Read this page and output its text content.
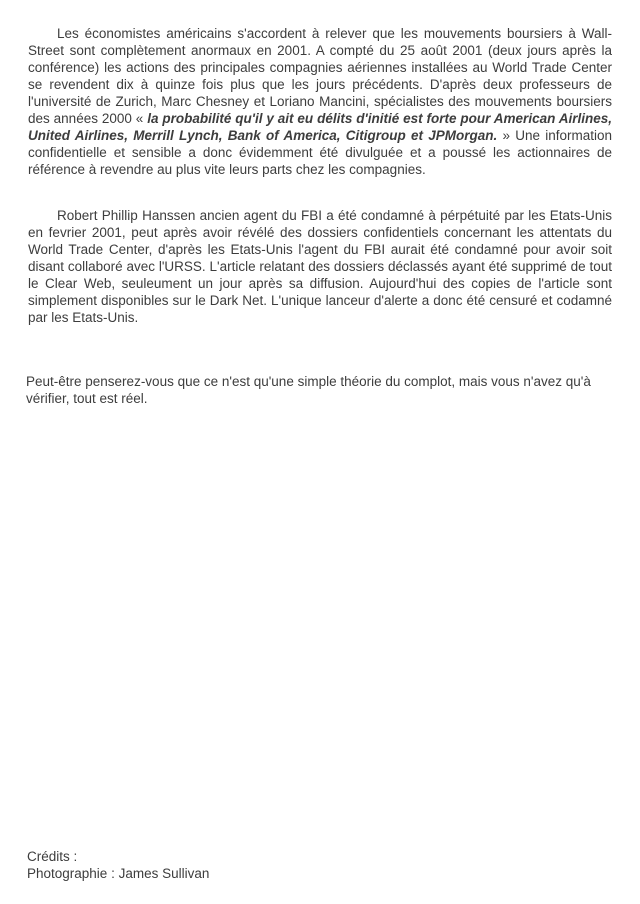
Les économistes américains s'accordent à relever que les mouvements boursiers à Wall-Street sont complètement anormaux en 2001. A compté du 25 août 2001 (deux jours après la conférence) les actions des principales compagnies aériennes installées au World Trade Center se revendent dix à quinze fois plus que les jours précédents. D'après deux professeurs de l'université de Zurich, Marc Chesney et Loriano Mancini, spécialistes des mouvements boursiers des années 2000 « la probabilité qu'il y ait eu délits d'initié est forte pour American Airlines, United Airlines, Merrill Lynch, Bank of America, Citigroup et JPMorgan. » Une information confidentielle et sensible a donc évidemment été divulguée et a poussé les actionnaires de référence à revendre au plus vite leurs parts chez les compagnies.

Robert Phillip Hanssen ancien agent du FBI a été condamné à pérpétuité par les Etats-Unis en fevrier 2001, peut après avoir révélé des dossiers confidentiels concernant les attentats du World Trade Center, d'après les Etats-Unis l'agent du FBI aurait été condamné pour avoir soit disant collaboré avec l'URSS. L'article relatant des dossiers déclassés ayant été supprimé de tout le Clear Web, seuleument un jour après sa diffusion. Aujourd'hui des copies de l'article sont simplement disponibles sur le Dark Net. L'unique lanceur d'alerte a donc été censuré et codamné par les Etats-Unis.

Peut-être penserez-vous que ce n'est qu'une simple théorie du complot, mais vous n'avez qu'à vérifier, tout est réel.

Crédits :
Photographie : James Sullivan
